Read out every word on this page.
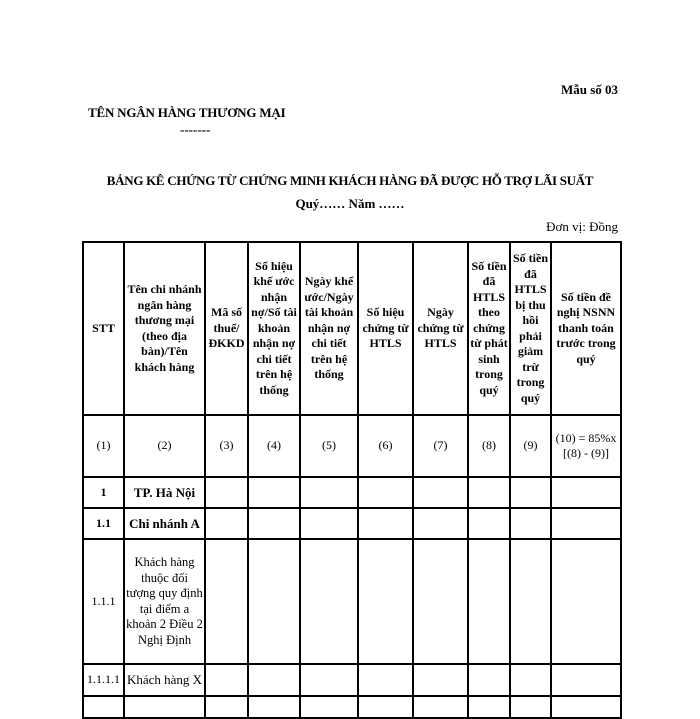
Mẫu số 03
TÊN NGÂN HÀNG THƯƠNG MẠI
-------
BẢNG KÊ CHỨNG TỪ CHỨNG MINH KHÁCH HÀNG ĐÃ ĐƯỢC HỖ TRỢ LÃI SUẤT
Quý…… Năm ……
Đơn vị: Đồng
STT	Tên chi nhánh ngân hàng thương mại (theo địa bàn)/Tên khách hàng	Mã số thuế/ ĐKKD	Số hiệu khế ước nhận nợ/Số tài khoản nhận nợ chi tiết trên hệ thống	Ngày khế ước/Ngày tài khoản nhận nợ chi tiết trên hệ thống	Số hiệu chứng từ HTLS	Ngày chứng từ HTLS	Số tiền đã HTLS theo chứng từ phát sinh trong quý	Số tiền đã HTLS bị thu hồi phải giảm trừ trong quý	Số tiền đề nghị NSNN thanh toán trước trong quý
(1)	(2)	(3)	(4)	(5)	(6)	(7)	(8)	(9)	(10) = 85%x [(8) - (9)]
1	TP. Hà Nội								
1.1	Chi nhánh A								
1.1.1	Khách hàng thuộc đối tượng quy định tại điểm a khoản 2 Điều 2 Nghị Định								
1.1.1.1	Khách hàng X								
